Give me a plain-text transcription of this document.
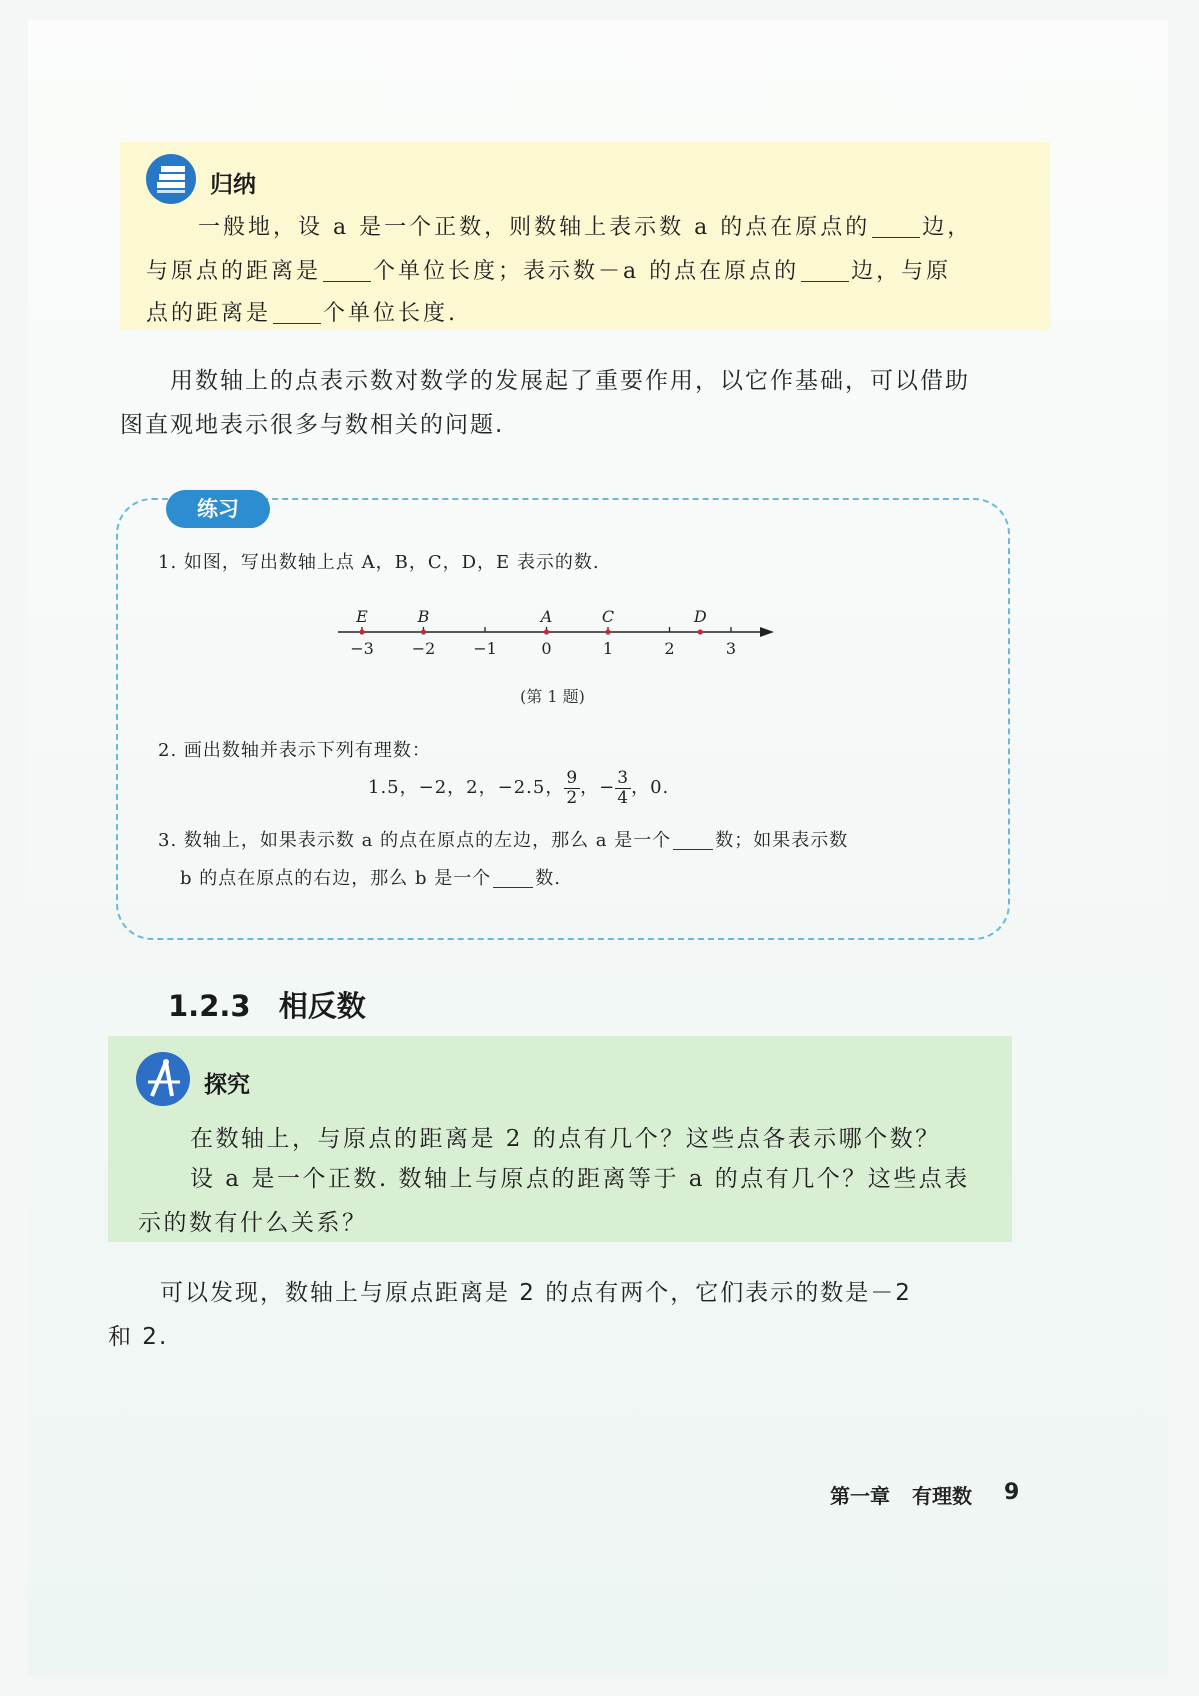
归纳
一般地，设 a 是一个正数，则数轴上表示数 a 的点在原点的 边，
与原点的距离是 个单位长度；表示数－a 的点在原点的 边，与原
点的距离是 个单位长度.
用数轴上的点表示数对数学的发展起了重要作用，以它作基础，可以借助
图直观地表示很多与数相关的问题.
练习
1. 如图，写出数轴上点 A，B，C，D，E 表示的数.
−3 −2 −1	0	1	2	3
E	B	A	C	D
(第 1 题)
2. 画出数轴并表示下列有理数：
1.5，−2，2，−2.5， $\frac{9}{2}$ ，− $\frac{3}{4}$ ，0.
3. 数轴上，如果表示数 a 的点在原点的左边，那么 a 是一个 数；如果表示数
b 的点在原点的右边，那么 b 是一个 数.
1.2.3 相反数
探究
在数轴上，与原点的距离是 2 的点有几个？这些点各表示哪个数？
设 a 是一个正数. 数轴上与原点的距离等于 a 的点有几个？这些点表
示的数有什么关系？
可以发现，数轴上与原点距离是 2 的点有两个，它们表示的数是－2
和 2.
第一章 有理数 9
